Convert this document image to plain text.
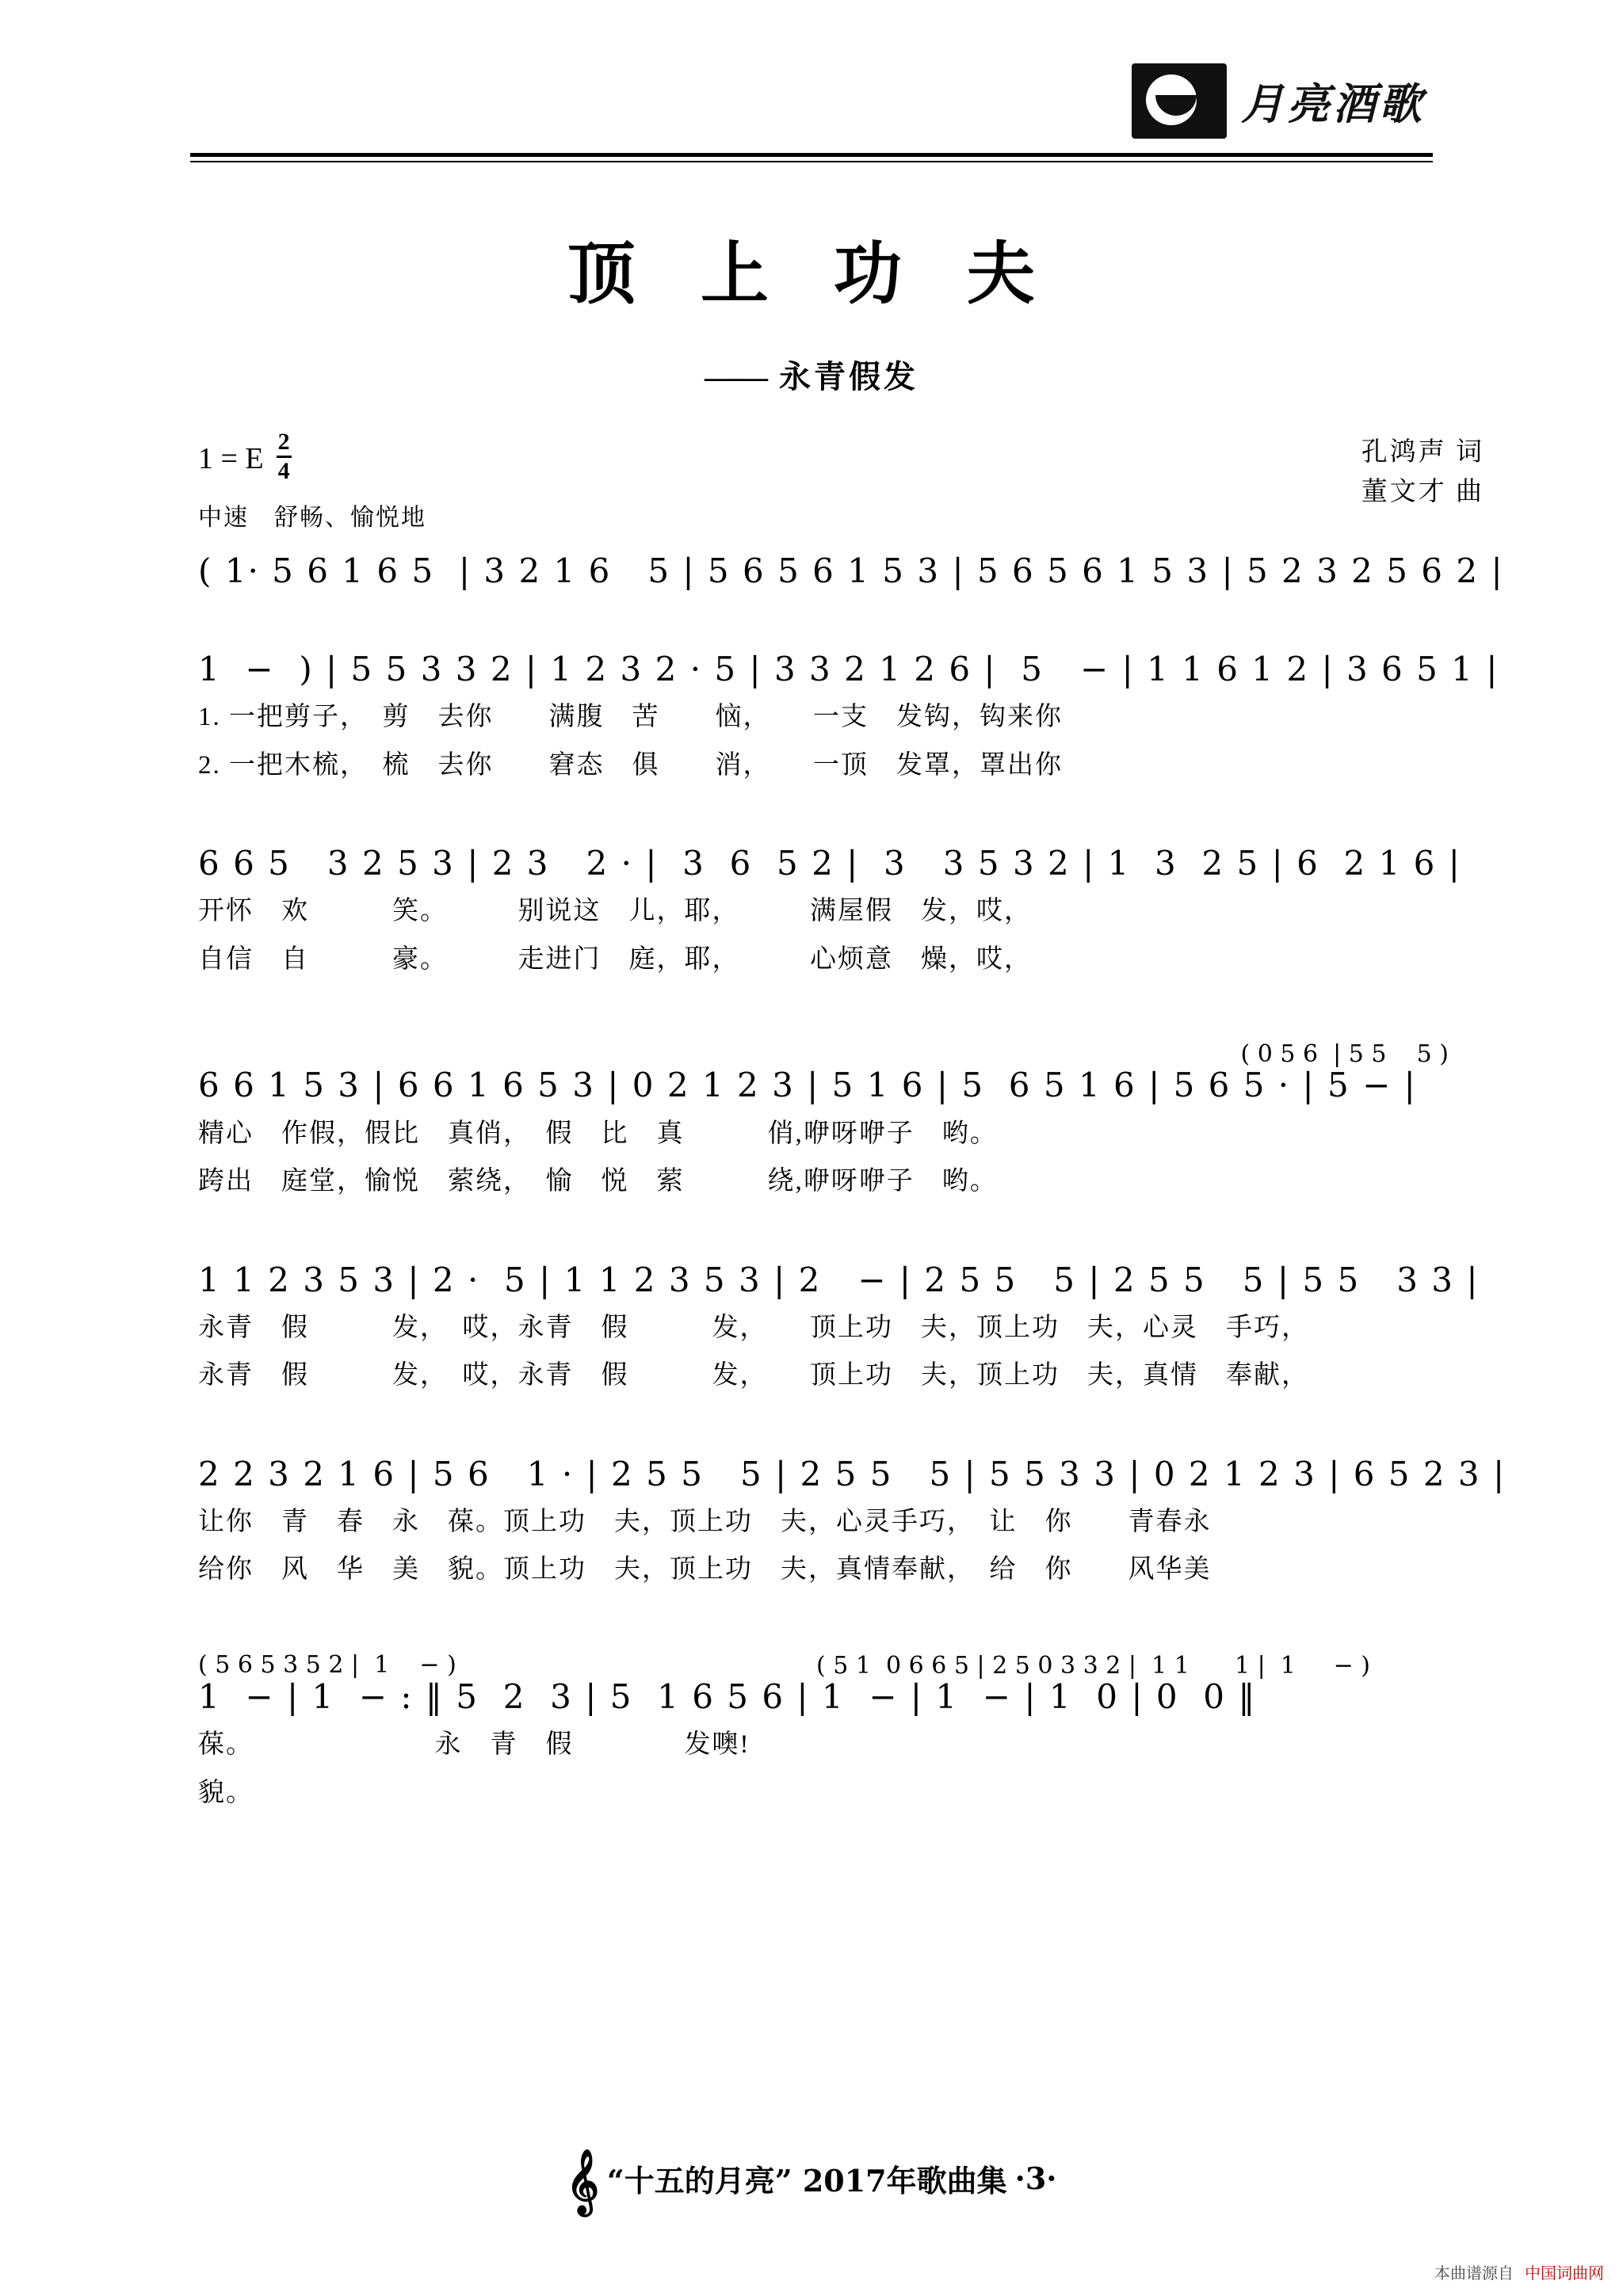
月亮酒歌
顶 上 功 夫
—— 永青假发
1 = E $\frac{2}{4}$
中速　舒畅、愉悦地
孔鸿声 词
董文才 曲
( 1· 5 6 1 6 5  | 3 2 1 6   5 | 5 6 5 6 1 5 3 | 5 6 5 6 1 5 3 | 5 2 3 2 5 6 2 |
1  −  ) | 5 5 3 3 2 | 1 2 3 2 · 5 | 3 3 2 1 2 6 |  5   − | 1 1 6 1 2 | 3 6 5 1 |
1. 一把剪子，　剪　去你　　满腹　苦　　恼，　　一支　发钩，钩来你
2. 一把木梳，　梳　去你　　窘态　俱　　消，　　一顶　发罩，罩出你
6 6 5   3 2 5 3 | 2 3   2 · |  3  6  5 2 |  3   3 5 3 2 | 1  3  2 5 | 6  2 1 6 |
开怀　欢　　　笑。　　　别说这　儿，耶，　　　满屋假　发，哎，
自信　自　　　豪。　　　走进门　庭，耶，　　　心烦意　燥，哎，
( 0 5 6  | 5 5    5 )
6 6 1 5 3 | 6 6 1 6 5 3 | 0 2 1 2 3 | 5 1 6 | 5  6 5 1 6 | 5 6 5 · | 5 − |
精心　作假，假比　真俏，　假　比　真　　　俏,咿呀咿子　哟。
跨出　庭堂，愉悦　萦绕，　愉　悦　萦　　　绕,咿呀咿子　哟。
1 1 2 3 5 3 | 2 ·  5 | 1 1 2 3 5 3 | 2   − | 2 5 5   5 | 2 5 5   5 | 5 5   3 3 |
永青　假　　　发，　哎，永青　假　　　发，　　顶上功　夫，顶上功　夫，心灵　手巧，
永青　假　　　发，　哎，永青　假　　　发，　　顶上功　夫，顶上功　夫，真情　奉献，
2 2 3 2 1 6 | 5 6   1 · | 2 5 5   5 | 2 5 5   5 | 5 5 3 3 | 0 2 1 2 3 | 6 5 2 3 |
让你　青　春　永　葆。顶上功　夫，顶上功　夫，心灵手巧，　让　你　　青春永
给你　风　华　美　貌。顶上功　夫，顶上功　夫，真情奉献，　给　你　　风华美
( 5 6 5 3 5 2 |  1    − )	( 5 1  0 6 6 5 | 2 5 0 3 3 2 |  1 1      1 |  1     − )
1  − | 1  − : ‖ 5  2  3 | 5  1 6 5 6 | 1  − | 1  − | 1  0 | 0  0 ‖
葆。　　　　　　　永　青　假　　　　发噢!
貌。
𝄞 “十五的月亮” 2017年歌曲集 ·3·
本曲谱源自 中国词曲网
